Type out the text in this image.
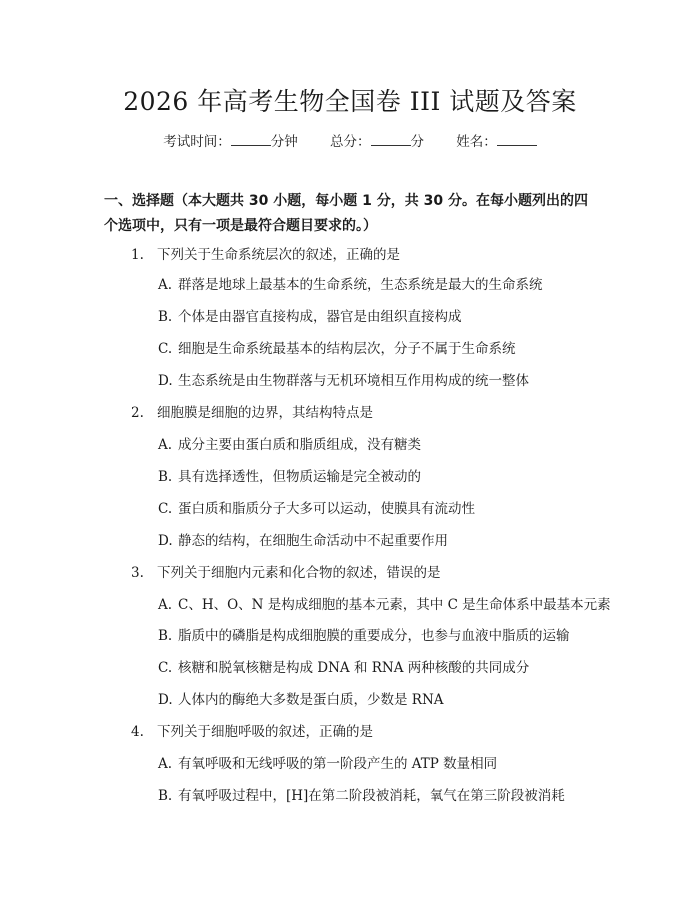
2026 年高考生物全国卷 III 试题及答案
考试时间：	分钟 总分：	分 姓名：
一、选择题（本大题共 30 小题，每小题 1 分，共 30 分。在每小题列出的四个选项中，只有一项是最符合题目要求的。）
1. 下列关于生命系统层次的叙述，正确的是
A. 群落是地球上最基本的生命系统，生态系统是最大的生命系统
B. 个体是由器官直接构成，器官是由组织直接构成
C. 细胞是生命系统最基本的结构层次，分子不属于生命系统
D. 生态系统是由生物群落与无机环境相互作用构成的统一整体
2. 细胞膜是细胞的边界，其结构特点是
A. 成分主要由蛋白质和脂质组成，没有糖类
B. 具有选择透性，但物质运输是完全被动的
C. 蛋白质和脂质分子大多可以运动，使膜具有流动性
D. 静态的结构，在细胞生命活动中不起重要作用
3. 下列关于细胞内元素和化合物的叙述，错误的是
A. C、H、O、N 是构成细胞的基本元素，其中 C 是生命体系中最基本元素
B. 脂质中的磷脂是构成细胞膜的重要成分，也参与血液中脂质的运输
C. 核糖和脱氧核糖是构成 DNA 和 RNA 两种核酸的共同成分
D. 人体内的酶绝大多数是蛋白质，少数是 RNA
4. 下列关于细胞呼吸的叙述，正确的是
A. 有氧呼吸和无线呼吸的第一阶段产生的 ATP 数量相同
B. 有氧呼吸过程中，[H]在第二阶段被消耗，氧气在第三阶段被消耗
